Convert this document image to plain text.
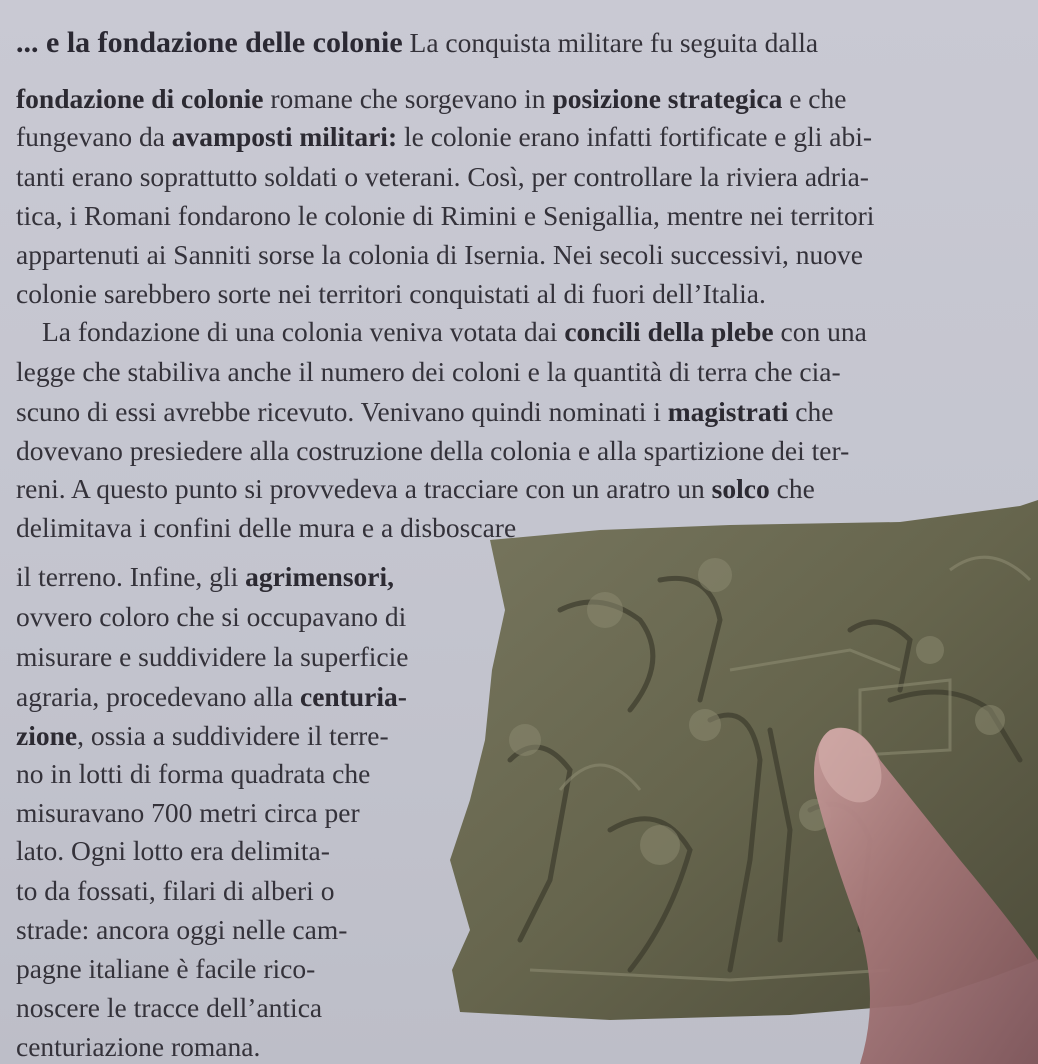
... e la fondazione delle colonie La conquista militare fu seguita dalla
fondazione di colonie romane che sorgevano in posizione strategica e che
fungevano da avamposti militari: le colonie erano infatti fortificate e gli abi-
tanti erano soprattutto soldati o veterani. Così, per controllare la riviera adria-
tica, i Romani fondarono le colonie di Rimini e Senigallia, mentre nei territori
appartenuti ai Sanniti sorse la colonia di Isernia. Nei secoli successivi, nuove
colonie sarebbero sorte nei territori conquistati al di fuori dell’Italia.
La fondazione di una colonia veniva votata dai concili della plebe con una
legge che stabiliva anche il numero dei coloni e la quantità di terra che cia-
scuno di essi avrebbe ricevuto. Venivano quindi nominati i magistrati che
dovevano presiedere alla costruzione della colonia e alla spartizione dei ter-
reni. A questo punto si provvedeva a tracciare con un aratro un solco che
delimitava i confini delle mura e a disboscare
il terreno. Infine, gli agrimensori,
ovvero coloro che si occupavano di
misurare e suddividere la superficie
agraria, procedevano alla centuria-
zione, ossia a suddividere il terre-
no in lotti di forma quadrata che
misuravano 700 metri circa per
lato. Ogni lotto era delimita-
to da fossati, filari di alberi o
strade: ancora oggi nelle cam-
pagne italiane è facile rico-
noscere le tracce dell’antica
centuriazione romana.
